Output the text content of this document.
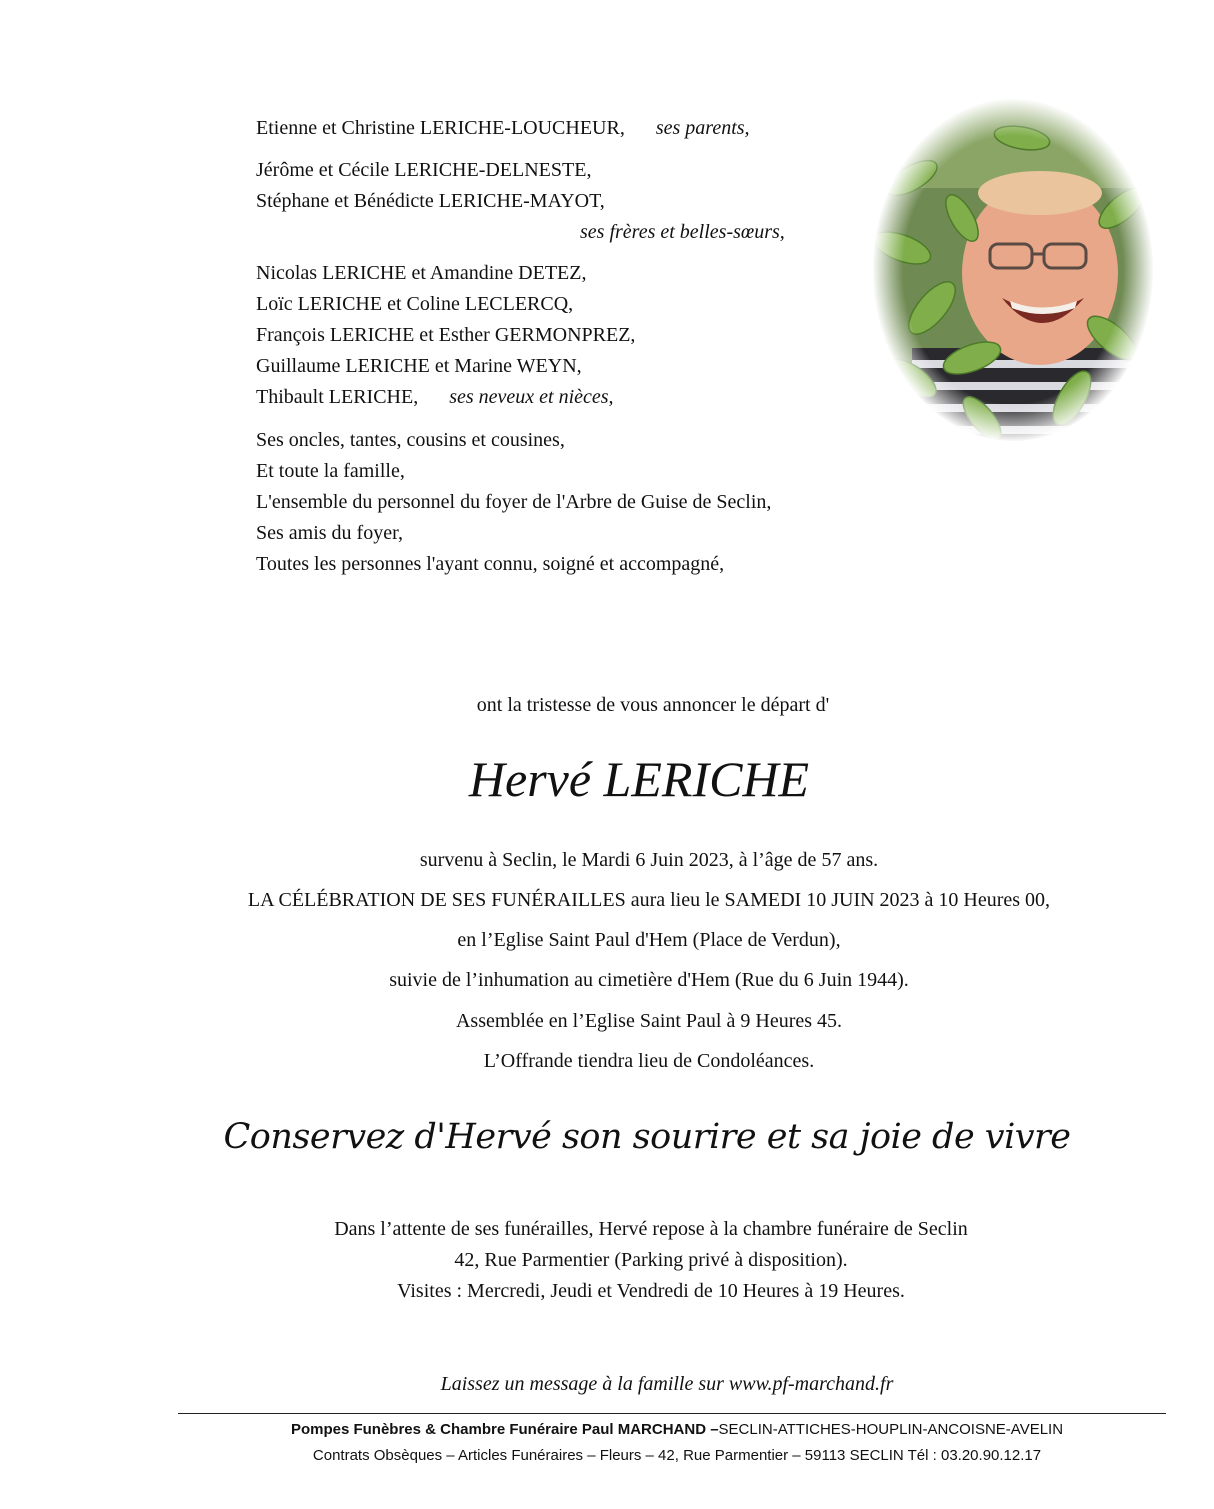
Etienne et Christine LERICHE-LOUCHEUR, ses parents,
Jérôme et Cécile LERICHE-DELNESTE,
Stéphane et Bénédicte LERICHE-MAYOT,
ses frères et belles-sœurs,
Nicolas LERICHE et Amandine DETEZ,
Loïc LERICHE et Coline LECLERCQ,
François LERICHE et Esther GERMONPREZ,
Guillaume LERICHE et Marine WEYN,
Thibault LERICHE, ses neveux et nièces,
Ses oncles, tantes, cousins et cousines,
Et toute la famille,
L'ensemble du personnel du foyer de l'Arbre de Guise de Seclin,
Ses amis du foyer,
Toutes les personnes l'ayant connu, soigné et accompagné,
ont la tristesse de vous annoncer le départ d'
Hervé LERICHE
survenu à Seclin, le Mardi 6 Juin 2023, à l’âge de 57 ans.
LA CÉLÉBRATION DE SES FUNÉRAILLES aura lieu le SAMEDI 10 JUIN 2023 à 10 Heures 00,
en l’Eglise Saint Paul d'Hem (Place de Verdun),
suivie de l’inhumation au cimetière d'Hem (Rue du 6 Juin 1944).
Assemblée en l’Eglise Saint Paul à 9 Heures 45.
L’Offrande tiendra lieu de Condoléances.
Conservez d'Hervé son sourire et sa joie de vivre
Dans l’attente de ses funérailles, Hervé repose à la chambre funéraire de Seclin
42, Rue Parmentier (Parking privé à disposition).
Visites : Mercredi, Jeudi et Vendredi de 10 Heures à 19 Heures.
Laissez un message à la famille sur www.pf-marchand.fr
Pompes Funèbres & Chambre Funéraire Paul MARCHAND –SECLIN-ATTICHES-HOUPLIN-ANCOISNE-AVELIN
Contrats Obsèques – Articles Funéraires – Fleurs – 42, Rue Parmentier – 59113 SECLIN Tél : 03.20.90.12.17
